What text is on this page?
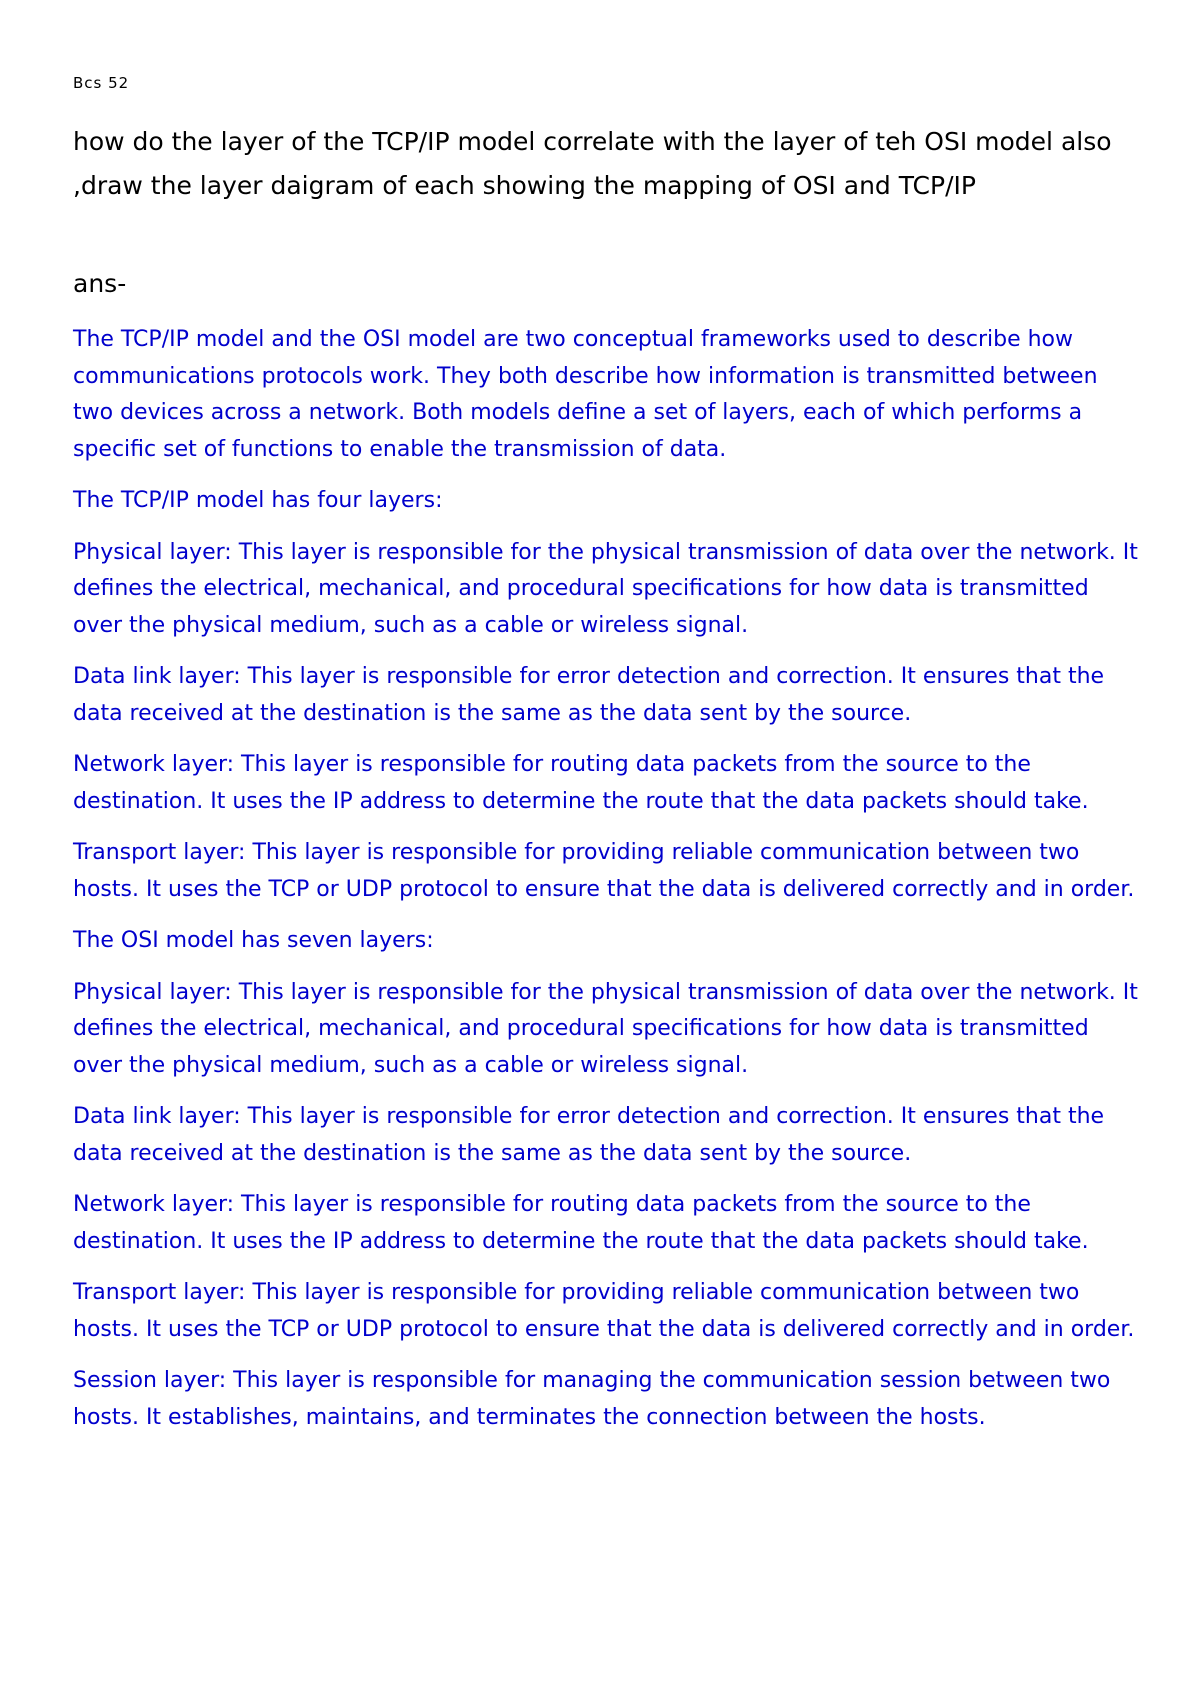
Bcs 52

how do the layer of the TCP/IP model correlate with the layer of teh OSI model also ,draw the layer daigram of each showing the mapping of OSI and TCP/IP

ans-

The TCP/IP model and the OSI model are two conceptual frameworks used to describe how communications protocols work. They both describe how information is transmitted between two devices across a network. Both models define a set of layers, each of which performs a specific set of functions to enable the transmission of data.

The TCP/IP model has four layers:

Physical layer: This layer is responsible for the physical transmission of data over the network. It defines the electrical, mechanical, and procedural specifications for how data is transmitted over the physical medium, such as a cable or wireless signal.

Data link layer: This layer is responsible for error detection and correction. It ensures that the data received at the destination is the same as the data sent by the source.

Network layer: This layer is responsible for routing data packets from the source to the destination. It uses the IP address to determine the route that the data packets should take.

Transport layer: This layer is responsible for providing reliable communication between two hosts. It uses the TCP or UDP protocol to ensure that the data is delivered correctly and in order.

The OSI model has seven layers:

Physical layer: This layer is responsible for the physical transmission of data over the network. It defines the electrical, mechanical, and procedural specifications for how data is transmitted over the physical medium, such as a cable or wireless signal.

Data link layer: This layer is responsible for error detection and correction. It ensures that the data received at the destination is the same as the data sent by the source.

Network layer: This layer is responsible for routing data packets from the source to the destination. It uses the IP address to determine the route that the data packets should take.

Transport layer: This layer is responsible for providing reliable communication between two hosts. It uses the TCP or UDP protocol to ensure that the data is delivered correctly and in order.

Session layer: This layer is responsible for managing the communication session between two hosts. It establishes, maintains, and terminates the connection between the hosts.
